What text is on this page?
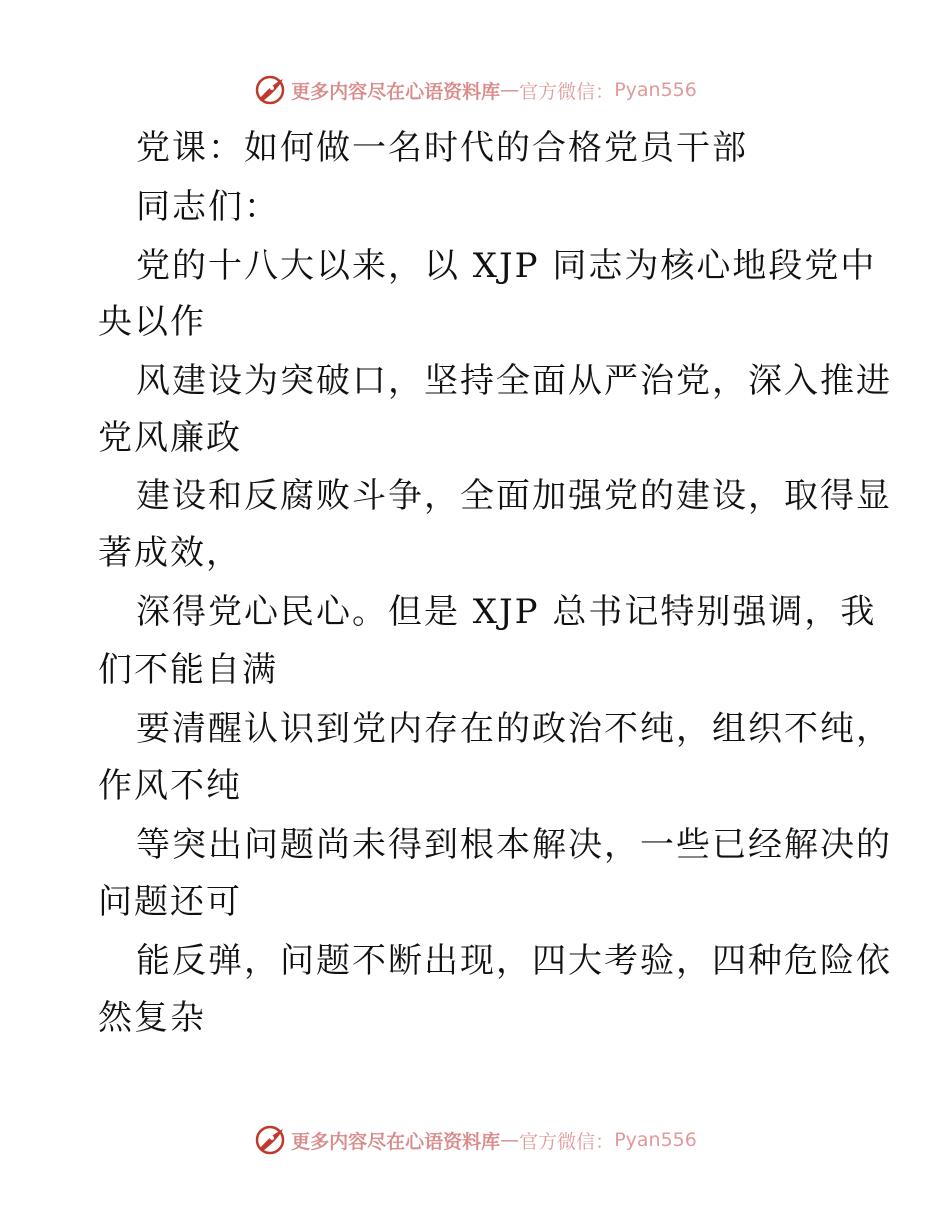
更多内容尽在心语资料库 — 官方微信 ： Pyan556
党课：如何做一名时代的合格党员干部
同志们：
党的十八大以来，以 XJP 同志为核心地段党中
央以作
风建设为突破口，坚持全面从严治党，深入推进
党风廉政
建设和反腐败斗争，全面加强党的建设，取得显
著成效，
深得党心民心。但是 XJP 总书记特别强调，我
们不能自满
要清醒认识到党内存在的政治不纯，组织不纯，
作风不纯
等突出问题尚未得到根本解决，一些已经解决的
问题还可
能反弹，问题不断出现，四大考验，四种危险依
然复杂
更多内容尽在心语资料库 — 官方微信 ： Pyan556
